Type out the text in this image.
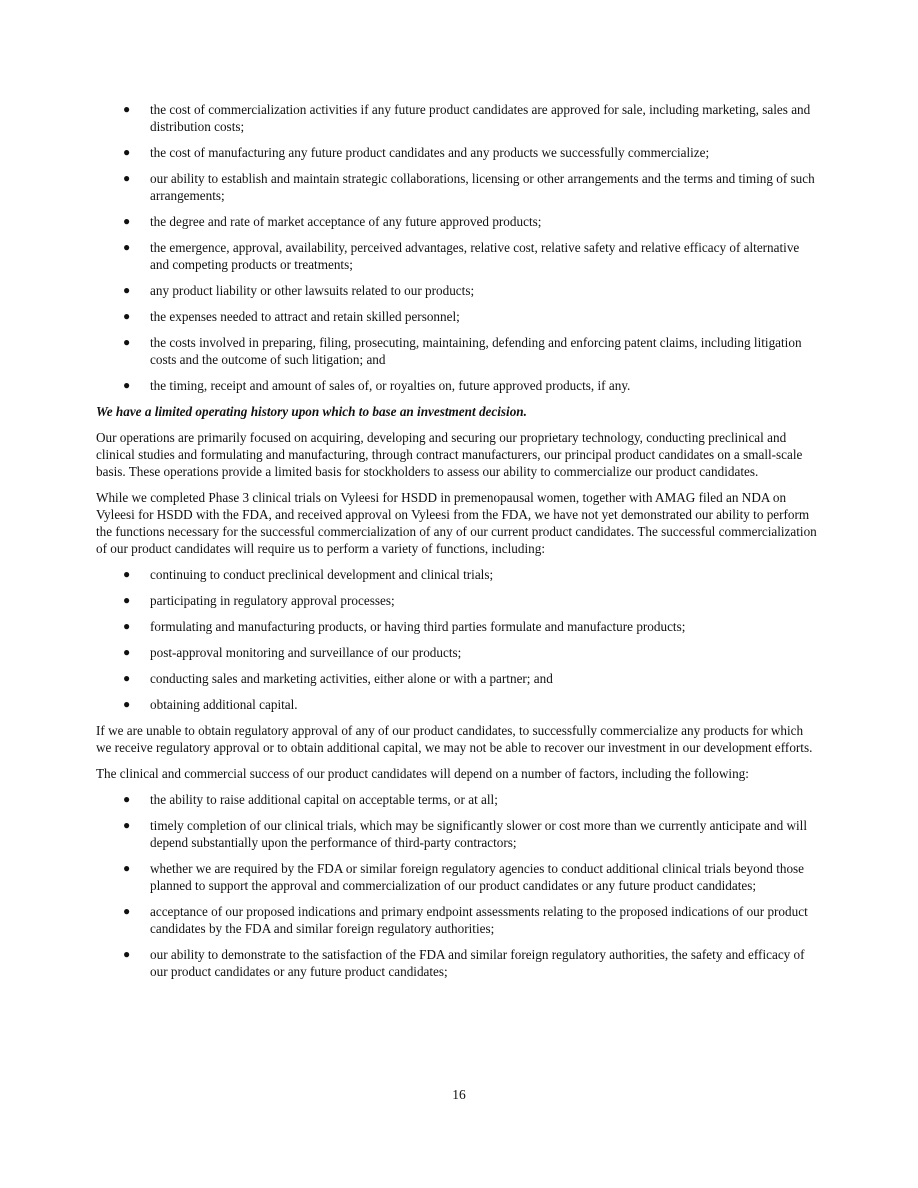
● the cost of commercialization activities if any future product candidates are approved for sale, including marketing, sales and distribution costs;
● the cost of manufacturing any future product candidates and any products we successfully commercialize;
● our ability to establish and maintain strategic collaborations, licensing or other arrangements and the terms and timing of such arrangements;
● the degree and rate of market acceptance of any future approved products;
● the emergence, approval, availability, perceived advantages, relative cost, relative safety and relative efficacy of alternative and competing products or treatments;
● any product liability or other lawsuits related to our products;
● the expenses needed to attract and retain skilled personnel;
● the costs involved in preparing, filing, prosecuting, maintaining, defending and enforcing patent claims, including litigation costs and the outcome of such litigation; and
● the timing, receipt and amount of sales of, or royalties on, future approved products, if any.

We have a limited operating history upon which to base an investment decision.

Our operations are primarily focused on acquiring, developing and securing our proprietary technology, conducting preclinical and clinical studies and formulating and manufacturing, through contract manufacturers, our principal product candidates on a small-scale basis. These operations provide a limited basis for stockholders to assess our ability to commercialize our product candidates.

While we completed Phase 3 clinical trials on Vyleesi for HSDD in premenopausal women, together with AMAG filed an NDA on Vyleesi for HSDD with the FDA, and received approval on Vyleesi from the FDA, we have not yet demonstrated our ability to perform the functions necessary for the successful commercialization of any of our current product candidates. The successful commercialization of our product candidates will require us to perform a variety of functions, including:

● continuing to conduct preclinical development and clinical trials;
● participating in regulatory approval processes;
● formulating and manufacturing products, or having third parties formulate and manufacture products;
● post-approval monitoring and surveillance of our products;
● conducting sales and marketing activities, either alone or with a partner; and
● obtaining additional capital.

If we are unable to obtain regulatory approval of any of our product candidates, to successfully commercialize any products for which we receive regulatory approval or to obtain additional capital, we may not be able to recover our investment in our development efforts.

The clinical and commercial success of our product candidates will depend on a number of factors, including the following:

● the ability to raise additional capital on acceptable terms, or at all;
● timely completion of our clinical trials, which may be significantly slower or cost more than we currently anticipate and will depend substantially upon the performance of third-party contractors;
● whether we are required by the FDA or similar foreign regulatory agencies to conduct additional clinical trials beyond those planned to support the approval and commercialization of our product candidates or any future product candidates;
● acceptance of our proposed indications and primary endpoint assessments relating to the proposed indications of our product candidates by the FDA and similar foreign regulatory authorities;
● our ability to demonstrate to the satisfaction of the FDA and similar foreign regulatory authorities, the safety and efficacy of our product candidates or any future product candidates;
16
